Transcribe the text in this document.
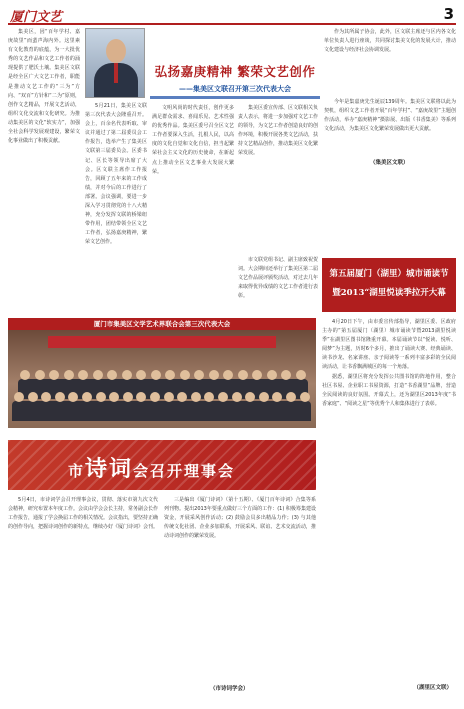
厦门文艺	3

集美区，因“百年学村、嘉庚故里”而蜚声海内外。这里素有文化教育的底蕴，为一大批优秀的文艺作品和文艺工作者的涌现提供了肥沃土壤。集美区文联是经全区广大文艺工作者，职能是推动文艺工作的“三为”方向、“双百”方针和“二为”原则，创作文艺精品，开展文艺活动，组织文化交流和文化研究。为推动集美区的文化“软实力”，加强全社会科学发展观建设，繁荣文化事业做出了积极贡献。

弘扬嘉庚精神 繁荣文艺创作
——集美区文联召开第三次代表大会

5月21日，集美区文联第三次代表大会隆重召开。会上，百余名代表听取、审议并通过了第二届委员会工作报告，选举产生了集美区文联第三届委员会。区委书记、区长等领导出席了大会。区文联主席作工作报告，回顾了五年来的工作成绩，并对今后的工作进行了部署。会议强调，要进一步深入学习贯彻党的十八大精神，充分发挥文联的桥梁纽带作用，团结带领全区文艺工作者，弘扬嘉庚精神，繁荣文艺创作。

文明风尚的时代责任，创作更多满足群众需求、喜闻乐见、艺术性强的优秀作品。集美区委号召全区文艺工作者要深入生活，扎根人民，以高度的文化自觉和文化自信，担当起繁荣社会主义文化的历史使命，在新起点上推动全区文艺事业大发展大繁荣。

集美区委宣传部、区文联相关负责人表示，将进一步加强对文艺工作的领导，为文艺工作者创造良好的创作环境，积极开展各类文艺活动，扶持文艺精品创作，推动集美区文化繁荣发展。

市文联党组书记、副主席致祝贺词。大会期间还举行了集美区第二届文艺作品展评颁奖活动，对过去几年来取得优异成绩的文艺工作者进行表彰。

作为其所属子协会，此外，区文联主席还与区内各文化单位负责人进行座谈，共同探讨集美文化的发展大计，推动文化建设与经济社会协调发展。

今年是集嘉庚先生诞辰139周年。集美区文联将以此为契机，组织文艺工作者开展“百年学村”、“嘉庚故里”主题创作活动，举办“嘉庚精神”摄影展、出版《书香集美》等系列文化活动，为集美区文化繁荣发展做出更大贡献。

（集美区文联）
厦门市集美区文学艺术界联合会第三次代表大会
第五届厦门（湖里）城市诵读节
暨2013“湖里悦读季拉开大幕

4月20日下午，由市委宣传部指导，湖里区委、区政府主办的“第五届厦门（湖里）城市诵读节暨2013湖里悦读季”在湖里区图书馆隆重开幕。本届诵读节以“悦读、悦听、阅梦”为主题，历时6个多月，推出了诵读大赛、经典诵读、读书沙龙、名家讲座、亲子阅读等一系列丰富多彩的全民阅读活动，让书香飘满城区的每一个角落。

据悉，湖里区将充分发挥公共图书馆的阵地作用，整合社区书屋、企业职工书屋资源，打造“书香湖里”品牌，营造全民阅读的良好氛围。开幕式上，还为湖里区2013年度“书香家庭”、“阅读之星”等优秀个人和集体进行了表彰。

（湖里区文联）
市诗词会召开理事会

5月4日，市诗词学会召开理事会议，贯彻、落实市第九次文代会精神，研究布置本年度工作。会议由学会会长主持，常务副会长作工作报告，通报了学会换届工作的相关情况。会议指出，要坚持正确的创作导向，把握诗词创作的新特点，继续办好《厦门诗词》会刊。

三是编出《厦门诗词》（第十五期）、《厦门百年诗词》合集等系列刊物。提出2013年要重点做好三个方面的工作：(1) 积极筹集建设资金，开展采风创作活动；(2) 鼓励会员多出精品力作；(3) 与其他传统文化社团、企业多加联系，开展采风、联谊、艺术交流活动，推动诗词创作的繁荣发展。

（市诗词学会）
